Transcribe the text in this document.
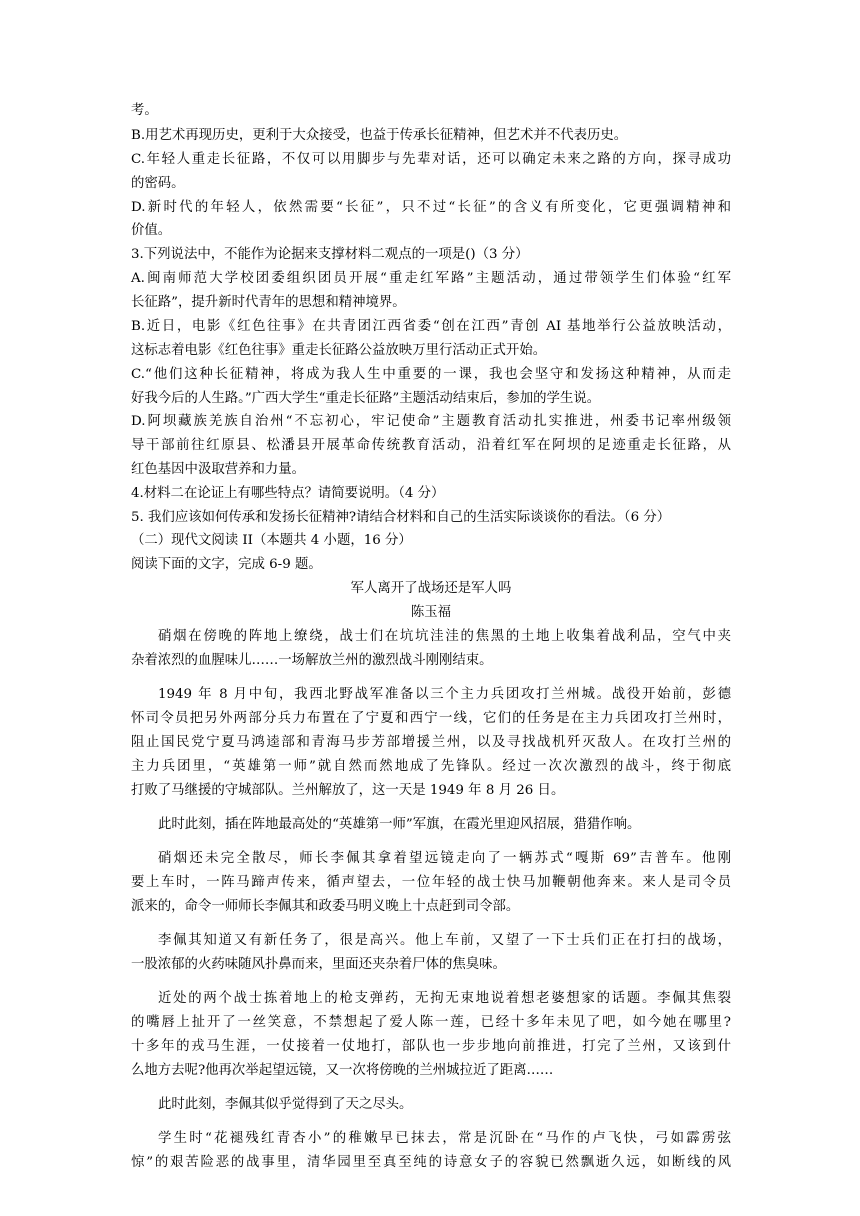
考。

B.用艺术再现历史，更利于大众接受，也益于传承长征精神，但艺术并不代表历史。

C.年轻人重走长征路，不仅可以用脚步与先辈对话，还可以确定未来之路的方向，探寻成功

的密码。

D.新时代的年轻人，依然需要“长征”，只不过“长征”的含义有所变化，它更强调精神和

价值。

3.下列说法中，不能作为论据来支撑材料二观点的一项是()（3 分）

A.闽南师范大学校团委组织团员开展“重走红军路”主题活动，通过带领学生们体验“红军

长征路”，提升新时代青年的思想和精神境界。

B.近日，电影《红色往事》在共青团江西省委“创在江西”青创 AI 基地举行公益放映活动，

这标志着电影《红色往事》重走长征路公益放映万里行活动正式开始。

C.“他们这种长征精神，将成为我人生中重要的一课，我也会坚守和发扬这种精神，从而走

好我今后的人生路。”广西大学生“重走长征路”主题活动结束后，参加的学生说。

D.阿坝藏族羌族自治州“不忘初心，牢记使命”主题教育活动扎实推进，州委书记率州级领

导干部前往红原县、松潘县开展革命传统教育活动，沿着红军在阿坝的足迹重走长征路，从

红色基因中汲取营养和力量。

4.材料二在论证上有哪些特点？请简要说明。（4 分）

5. 我们应该如何传承和发扬长征精神?请结合材料和自己的生活实际谈谈你的看法。（6 分）

（二）现代文阅读 II（本题共 4 小题，16 分）

阅读下面的文字，完成 6-9 题。

军人离开了战场还是军人吗

陈玉福

硝烟在傍晚的阵地上缭绕，战士们在坑坑洼洼的焦黑的土地上收集着战利品，空气中夹

杂着浓烈的血腥味儿……一场解放兰州的激烈战斗刚刚结束。

1949 年 8 月中旬，我西北野战军准备以三个主力兵团攻打兰州城。战役开始前，彭德

怀司令员把另外两部分兵力布置在了宁夏和西宁一线，它们的任务是在主力兵团攻打兰州时，

阻止国民党宁夏马鸿逵部和青海马步芳部增援兰州，以及寻找战机歼灭敌人。在攻打兰州的

主力兵团里，“英雄第一师”就自然而然地成了先锋队。经过一次次激烈的战斗，终于彻底

打败了马继援的守城部队。兰州解放了，这一天是 1949 年 8 月 26 日。

此时此刻，插在阵地最高处的“英雄第一师”军旗，在霞光里迎风招展，猎猎作响。

硝烟还未完全散尽，师长李佩其拿着望远镜走向了一辆苏式“嘎斯 69”吉普车。他刚

要上车时，一阵马蹄声传来，循声望去，一位年轻的战士快马加鞭朝他奔来。来人是司令员

派来的，命令一师师长李佩其和政委马明义晚上十点赶到司令部。

李佩其知道又有新任务了，很是高兴。他上车前，又望了一下士兵们正在打扫的战场，

一股浓郁的火药味随风扑鼻而来，里面还夹杂着尸体的焦臭味。

近处的两个战士拣着地上的枪支弹药，无拘无束地说着想老婆想家的话题。李佩其焦裂

的嘴唇上扯开了一丝笑意，不禁想起了爱人陈一莲，已经十多年未见了吧，如今她在哪里?

十多年的戎马生涯，一仗接着一仗地打，部队也一步步地向前推进，打完了兰州，又该到什

么地方去呢?他再次举起望远镜，又一次将傍晚的兰州城拉近了距离……

此时此刻，李佩其似乎觉得到了天之尽头。

学生时“花褪残红青杏小”的稚嫩早已抹去，常是沉卧在“马作的卢飞快，弓如霹雳弦

惊”的艰苦险恶的战事里，清华园里至真至纯的诗意女子的容貌已然飘逝久远，如断线的风
